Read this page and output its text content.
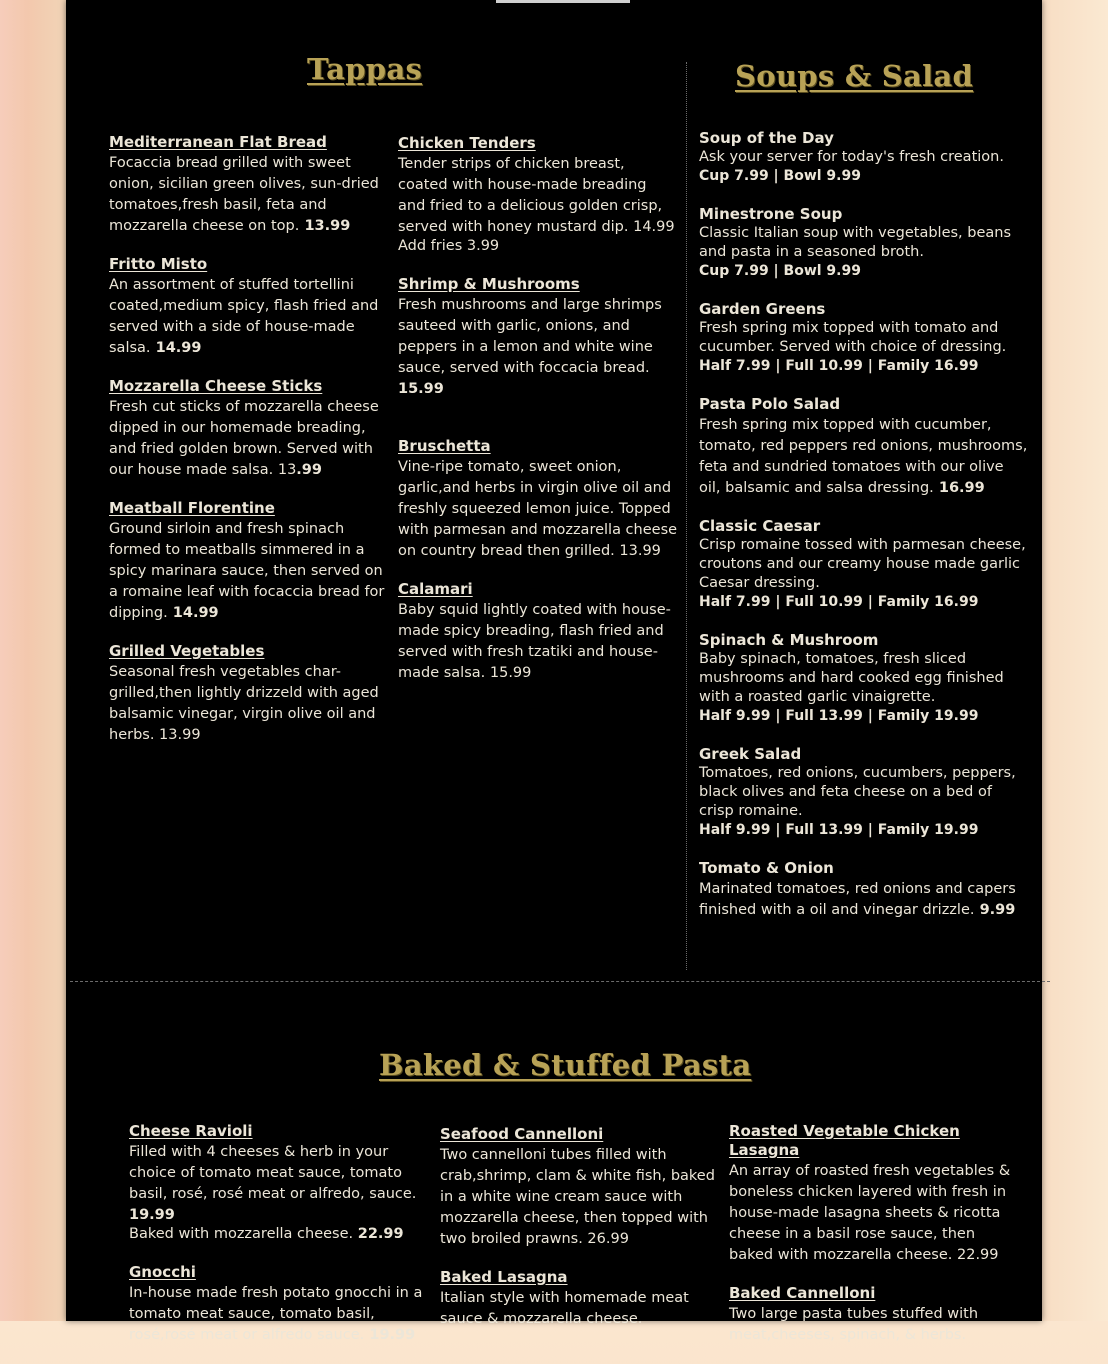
Tappas
Mediterranean Flat Bread
Focaccia bread grilled with sweet onion, sicilian green olives, sun-dried tomatoes,fresh basil, feta and mozzarella cheese on top. 13.99
Fritto Misto
An assortment of stuffed tortellini coated,medium spicy, flash fried and served with a side of house-made salsa. 14.99
Mozzarella Cheese Sticks
Fresh cut sticks of mozzarella cheese dipped in our homemade breading, and fried golden brown. Served with our house made salsa. 13.99
Meatball Florentine
Ground sirloin and fresh spinach formed to meatballs simmered in a spicy marinara sauce, then served on a romaine leaf with focaccia bread for dipping. 14.99
Grilled Vegetables
Seasonal fresh vegetables char-grilled,then lightly drizzeld with aged balsamic vinegar, virgin olive oil and herbs. 13.99
Chicken Tenders
Tender strips of chicken breast, coated with house-made breading and fried to a delicious golden crisp, served with honey mustard dip. 14.99
Add fries 3.99
Shrimp & Mushrooms
Fresh mushrooms and large shrimps sauteed with garlic, onions, and peppers in a lemon and white wine sauce, served with foccacia bread. 15.99
Bruschetta
Vine-ripe tomato, sweet onion, garlic,and herbs in virgin olive oil and freshly squeezed lemon juice. Topped with parmesan and mozzarella cheese on country bread then grilled. 13.99
Calamari
Baby squid lightly coated with house-made spicy breading, flash fried and served with fresh tzatiki and house-made salsa. 15.99
Soups & Salad
Soup of the Day
Ask your server for today's fresh creation.
Cup 7.99 | Bowl 9.99
Minestrone Soup
Classic Italian soup with vegetables, beans and pasta in a seasoned broth.
Cup 7.99 | Bowl 9.99
Garden Greens
Fresh spring mix topped with tomato and cucumber. Served with choice of dressing.
Half 7.99 | Full 10.99 | Family 16.99
Pasta Polo Salad
Fresh spring mix topped with cucumber, tomato, red peppers red onions, mushrooms, feta and sundried tomatoes with our olive oil, balsamic and salsa dressing. 16.99
Classic Caesar
Crisp romaine tossed with parmesan cheese, croutons and our creamy house made garlic Caesar dressing.
Half 7.99 | Full 10.99 | Family 16.99
Spinach & Mushroom
Baby spinach, tomatoes, fresh sliced mushrooms and hard cooked egg finished with a roasted garlic vinaigrette.
Half 9.99 | Full 13.99 | Family 19.99
Greek Salad
Tomatoes, red onions, cucumbers, peppers, black olives and feta cheese on a bed of crisp romaine.
Half 9.99 | Full 13.99 | Family 19.99
Tomato & Onion
Marinated tomatoes, red onions and capers finished with a oil and vinegar drizzle. 9.99
Baked & Stuffed Pasta
Cheese Ravioli
Filled with 4 cheeses & herb in your choice of tomato meat sauce, tomato basil, rosé, rosé meat or alfredo, sauce. 19.99
Baked with mozzarella cheese. 22.99
Gnocchi
In-house made fresh potato gnocchi in a tomato meat sauce, tomato basil, rosé,rosé meat or alfredo sauce. 19.99
Seafood Cannelloni
Two cannelloni tubes filled with crab,shrimp, clam & white fish, baked in a white wine cream sauce with mozzarella cheese, then topped with two broiled prawns. 26.99
Baked Lasagna
Italian style with homemade meat sauce & mozzarella cheese.
Roasted Vegetable Chicken Lasagna
An array of roasted fresh vegetables & boneless chicken layered with fresh in house-made lasagna sheets & ricotta cheese in a basil rose sauce, then baked with mozzarella cheese. 22.99
Baked Cannelloni
Two large pasta tubes stuffed with meat,cheeses, spinach, & herbs.
